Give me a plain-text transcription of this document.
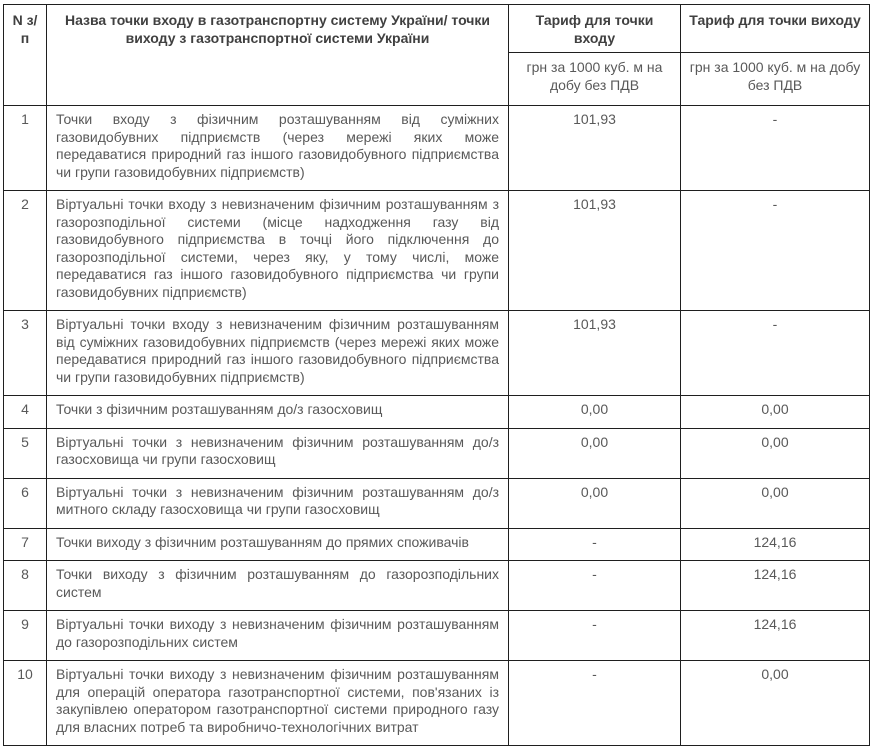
N з/п	Назва точки входу в газотранспортну систему України/ точки виходу з газотранспортної системи України	Тариф для точки входу	Тариф для точки виходу
		грн за 1000 куб. м на добу без ПДВ	грн за 1000 куб. м на добу без ПДВ
1	Точки входу з фізичним розташуванням від суміжних газовидобувних підприємств (через мережі яких може передаватися природний газ іншого газовидобувного підприємства чи групи газовидобувних підприємств)	101,93	-
2	Віртуальні точки входу з невизначеним фізичним розташуванням з газорозподільної системи (місце надходження газу від газовидобувного підприємства в точці його підключення до газорозподільної системи, через яку, у тому числі, може передаватися газ іншого газовидобувного підприємства чи групи газовидобувних підприємств)	101,93	-
3	Віртуальні точки входу з невизначеним фізичним розташуванням від суміжних газовидобувних підприємств (через мережі яких може передаватися природний газ іншого газовидобувного підприємства чи групи газовидобувних підприємств)	101,93	-
4	Точки з фізичним розташуванням до/з газосховищ	0,00	0,00
5	Віртуальні точки з невизначеним фізичним розташуванням до/з газосховища чи групи газосховищ	0,00	0,00
6	Віртуальні точки з невизначеним фізичним розташуванням до/з митного складу газосховища чи групи газосховищ	0,00	0,00
7	Точки виходу з фізичним розташуванням до прямих споживачів	-	124,16
8	Точки виходу з фізичним розташуванням до газорозподільних систем	-	124,16
9	Віртуальні точки виходу з невизначеним фізичним розташуванням до газорозподільних систем	-	124,16
10	Віртуальні точки виходу з невизначеним фізичним розташуванням для операцій оператора газотранспортної системи, пов'язаних із закупівлею оператором газотранспортної системи природного газу для власних потреб та виробничо-технологічних витрат	-	0,00
